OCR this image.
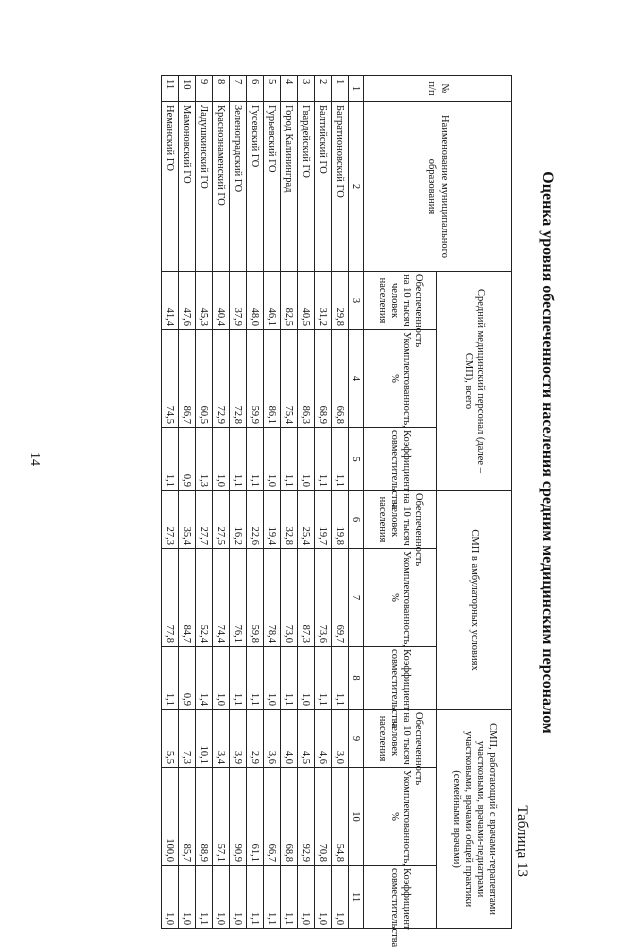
Оценка уровня обеспеченности населения средним медицинским персоналом
Таблица 13
№ п/п	Наименование муниципального образования	Средний медицинский персонал (далее – СМП), всего			СМП в амбулаторных условиях			СМП, работающий с врачами-терапевтами участковыми, врачами-педиатрами участковыми, врачами общей практики (семейными врачами)		
		Обеспеченность на 10 тысяч человек населения	Укомплектованность, %	Коэффициент совместительства	Обеспеченность на 10 тысяч человек населения	Укомплектованность, %	Коэффициент совместительства	Обеспеченность на 10 тысяч человек населения	Укомплектованность, %	Коэффициент совместительства
1	2	3	4	5	6	7	8	9	10	11
1	Багратионовский ГО	29,8	66,8	1,1	19,8	69,7	1,1	3,0	54,8	1,0
2	Балтийский ГО	31,2	68,9	1,1	19,7	73,6	1,1	4,6	70,8	1,0
3	Гвардейский ГО	40,5	86,3	1,0	25,4	87,3	1,0	4,5	92,9	1,0
4	Город Калининград	82,5	75,4	1,1	32,8	73,0	1,1	4,0	68,8	1,1
5	Гурьевский ГО	46,1	86,1	1,0	19,4	78,4	1,0	3,6	66,7	1,1
6	Гусевский ГО	48,0	59,9	1,1	22,6	59,8	1,1	2,9	61,1	1,1
7	Зеленоградский ГО	37,9	72,8	1,1	16,2	76,1	1,1	3,9	90,9	1,0
8	Краснознаменский ГО	40,4	72,9	1,0	27,5	74,4	1,0	3,4	57,1	1,0
9	Ладушкинский ГО	45,3	60,5	1,3	27,7	52,4	1,4	10,1	88,9	1,1
10	Мамоновский ГО	47,6	86,7	0,9	35,4	84,7	0,9	7,3	85,7	1,0
11	Неманский ГО	41,4	74,5	1,1	27,3	77,8	1,1	5,5	100,0	1,0
14
